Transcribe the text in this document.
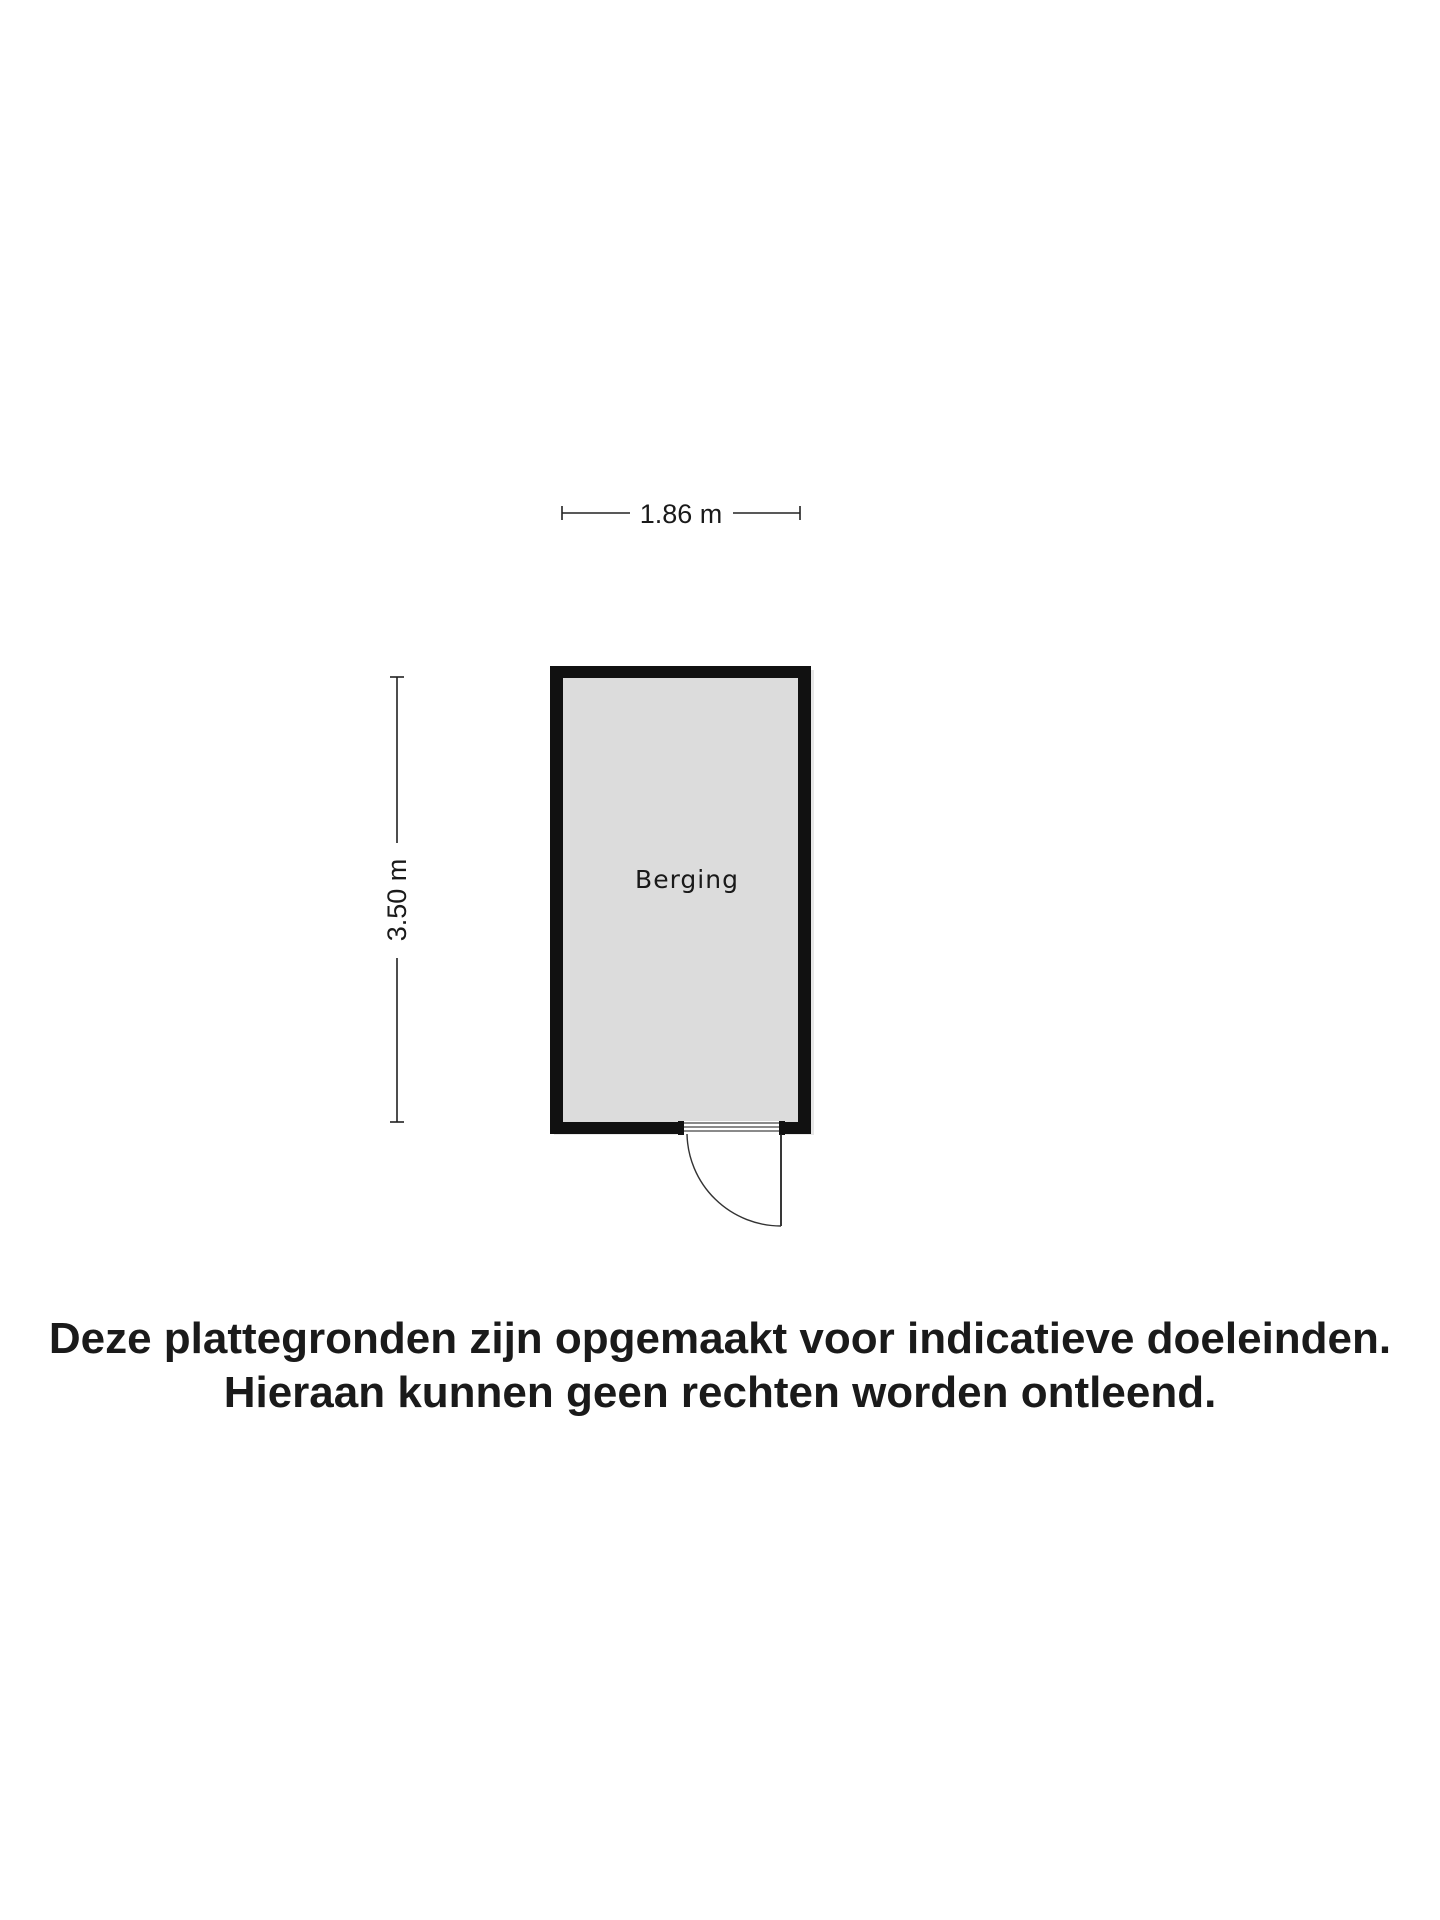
1.86 m
3.50 m	Berging
Deze plattegronden zijn opgemaakt voor indicatieve doeleinden.
Hieraan kunnen geen rechten worden ontleend.
